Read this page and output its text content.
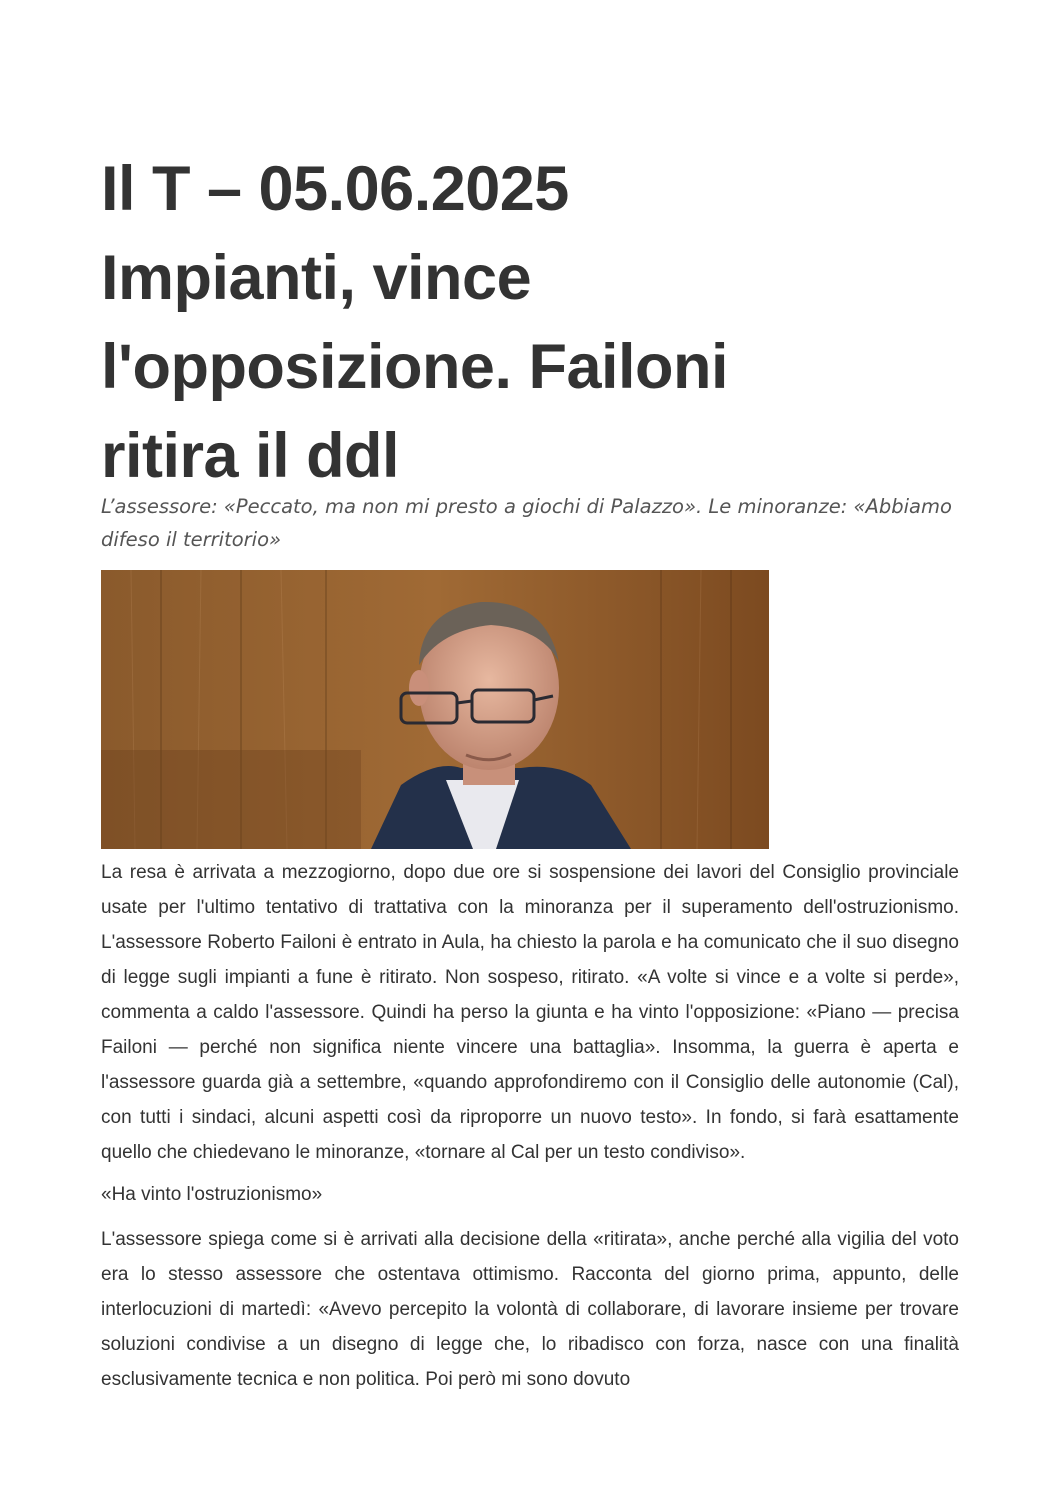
Il T – 05.06.2025
Impianti, vince
l'opposizione. Failoni
ritira il ddl

L’assessore: «Peccato, ma non mi presto a giochi di Palazzo». Le minoranze: «Abbiamo difeso il territorio»

La resa è arrivata a mezzogiorno, dopo due ore si sospensione dei lavori del Consiglio provinciale usate per l'ultimo tentativo di trattativa con la minoranza per il superamento dell'ostruzionismo. L'assessore Roberto Failoni è entrato in Aula, ha chiesto la parola e ha comunicato che il suo disegno di legge sugli impianti a fune è ritirato. Non sospeso, ritirato. «A volte si vince e a volte si perde», commenta a caldo l'assessore. Quindi ha perso la giunta e ha vinto l'opposizione: «Piano — precisa Failoni — perché non significa niente vincere una battaglia». Insomma, la guerra è aperta e l'assessore guarda già a settembre, «quando approfondiremo con il Consiglio delle autonomie (Cal), con tutti i sindaci, alcuni aspetti così da riproporre un nuovo testo». In fondo, si farà esattamente quello che chiedevano le minoranze, «tornare al Cal per un testo condiviso».

«Ha vinto l'ostruzionismo»

L'assessore spiega come si è arrivati alla decisione della «ritirata», anche perché alla vigilia del voto era lo stesso assessore che ostentava ottimismo. Racconta del giorno prima, appunto, delle interlocuzioni di martedì: «Avevo percepito la volontà di collaborare, di lavorare insieme per trovare soluzioni condivise a un disegno di legge che, lo ribadisco con forza, nasce con una finalità esclusivamente tecnica e non politica. Poi però mi sono dovuto
